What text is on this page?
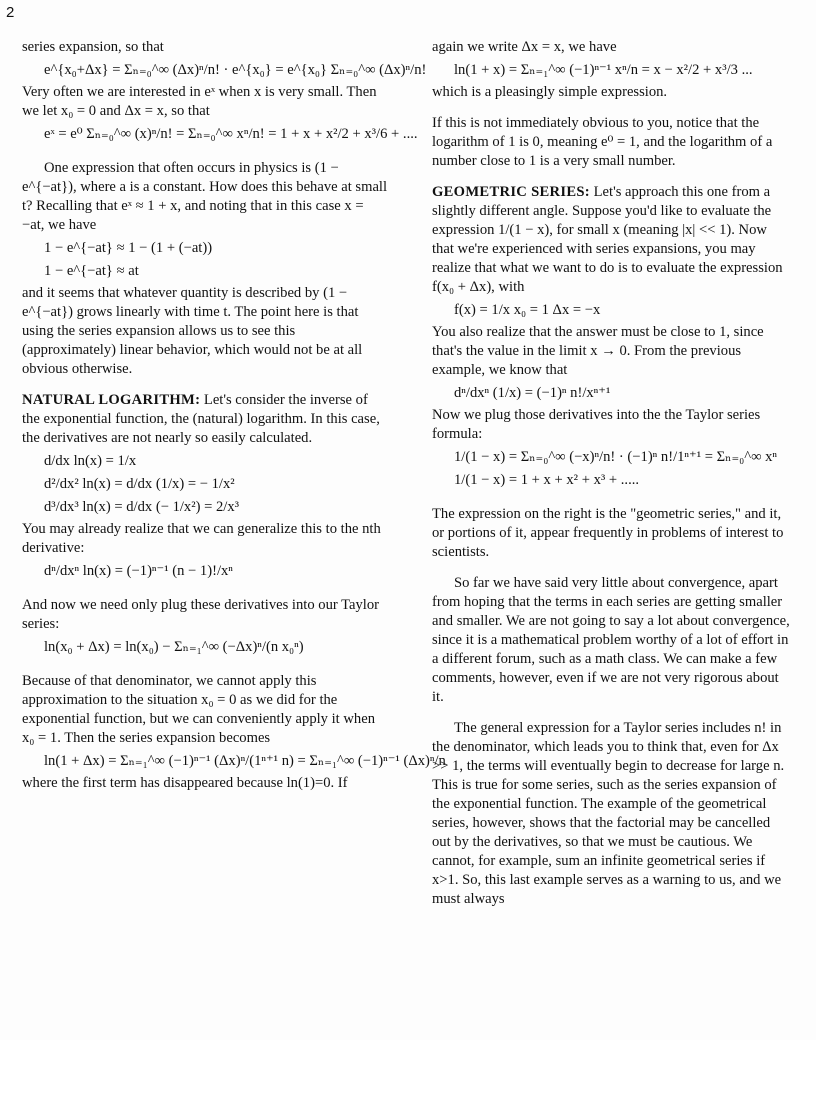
2

series expansion, so that

e^{x₀+Δx} = Σₙ₌₀^∞ (Δx)ⁿ/n! · e^{x₀} = e^{x₀} Σₙ₌₀^∞ (Δx)ⁿ/n!

Very often we are interested in eˣ when x is very small. Then we let x₀ = 0 and Δx = x, so that

eˣ = e⁰ Σₙ₌₀^∞ (x)ⁿ/n! = Σₙ₌₀^∞ xⁿ/n! = 1 + x + x²/2 + x³/6 + ....

One expression that often occurs in physics is (1 − e^{−at}), where a is a constant. How does this behave at small t? Recalling that eˣ ≈ 1 + x, and noting that in this case x = −at, we have

1 − e^{−at} ≈ 1 − (1 + (−at))
1 − e^{−at} ≈ at

and it seems that whatever quantity is described by (1 − e^{−at}) grows linearly with time t. The point here is that using the series expansion allows us to see this (approximately) linear behavior, which would not be at all obvious otherwise.

NATURAL LOGARITHM: Let's consider the inverse of the exponential function, the (natural) logarithm. In this case, the derivatives are not nearly so easily calculated.

d/dx ln(x) = 1/x
d²/dx² ln(x) = d/dx (1/x) = − 1/x²
d³/dx³ ln(x) = d/dx (− 1/x²) = 2/x³

You may already realize that we can generalize this to the nth derivative:

dⁿ/dxⁿ ln(x) = (−1)ⁿ⁻¹ (n − 1)!/xⁿ

And now we need only plug these derivatives into our Taylor series:

ln(x₀ + Δx) = ln(x₀) − Σₙ₌₁^∞ (−Δx)ⁿ/(n x₀ⁿ)

Because of that denominator, we cannot apply this approximation to the situation x₀ = 0 as we did for the exponential function, but we can conveniently apply it when x₀ = 1. Then the series expansion becomes

ln(1 + Δx) = Σₙ₌₁^∞ (−1)ⁿ⁻¹ (Δx)ⁿ/(1ⁿ⁺¹ n) = Σₙ₌₁^∞ (−1)ⁿ⁻¹ (Δx)ⁿ/n

where the first term has disappeared because ln(1)=0. If

again we write Δx = x, we have

ln(1 + x) = Σₙ₌₁^∞ (−1)ⁿ⁻¹ xⁿ/n = x − x²/2 + x³/3 ...

which is a pleasingly simple expression.

If this is not immediately obvious to you, notice that the logarithm of 1 is 0, meaning e⁰ = 1, and the logarithm of a number close to 1 is a very small number.

GEOMETRIC SERIES: Let's approach this one from a slightly different angle. Suppose you'd like to evaluate the expression 1/(1 − x), for small x (meaning |x| << 1). Now that we're experienced with series expansions, you may realize that what we want to do is to evaluate the expression f(x₀ + Δx), with

f(x) = 1/x x₀ = 1 Δx = −x

You also realize that the answer must be close to 1, since that's the value in the limit x → 0. From the previous example, we know that

dⁿ/dxⁿ (1/x) = (−1)ⁿ n!/xⁿ⁺¹

Now we plug those derivatives into the the Taylor series formula:

1/(1 − x) = Σₙ₌₀^∞ (−x)ⁿ/n! · (−1)ⁿ n!/1ⁿ⁺¹ = Σₙ₌₀^∞ xⁿ
1/(1 − x) = 1 + x + x² + x³ + .....

The expression on the right is the "geometric series," and it, or portions of it, appear frequently in problems of interest to scientists.

So far we have said very little about convergence, apart from hoping that the terms in each series are getting smaller and smaller. We are not going to say a lot about convergence, since it is a mathematical problem worthy of a lot of effort in a different forum, such as a math class. We can make a few comments, however, even if we are not very rigorous about it.

The general expression for a Taylor series includes n! in the denominator, which leads you to think that, even for Δx >> 1, the terms will eventually begin to decrease for large n. This is true for some series, such as the series expansion of the exponential function. The example of the geometrical series, however, shows that the factorial may be cancelled out by the derivatives, so that we must be cautious. We cannot, for example, sum an infinite geometrical series if x>1. So, this last example serves as a warning to us, and we must always
